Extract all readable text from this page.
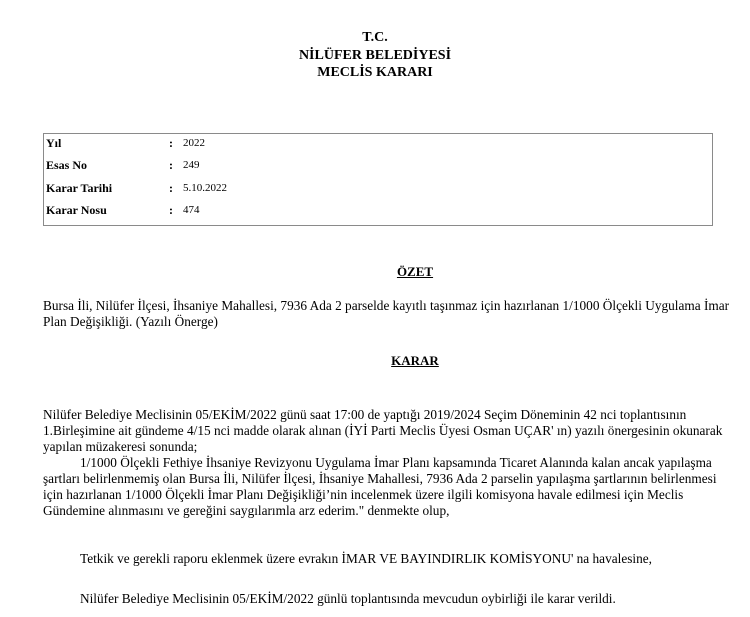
T.C.
NİLÜFER BELEDİYESİ
MECLİS KARARI
Yıl	: 2022
Esas No	: 249
Karar Tarihi	: 5.10.2022
Karar Nosu	: 474
ÖZET

Bursa İli, Nilüfer İlçesi, İhsaniye Mahallesi, 7936 Ada 2 parselde kayıtlı taşınmaz için hazırlanan 1/1000 Ölçekli Uygulama İmar Plan Değişikliği. (Yazılı Önerge)

KARAR

Nilüfer Belediye Meclisinin 05/EKİM/2022 günü saat 17:00 de yaptığı 2019/2024 Seçim Döneminin 42 nci toplantısının 1.Birleşimine ait gündeme 4/15 nci madde olarak alınan (İYİ Parti Meclis Üyesi Osman UÇAR' ın) yazılı önergesinin okunarak yapılan müzakeresi sonunda;

1/1000 Ölçekli Fethiye İhsaniye Revizyonu Uygulama İmar Planı kapsamında Ticaret Alanında kalan ancak yapılaşma şartları belirlenmemiş olan Bursa İli, Nilüfer İlçesi, İhsaniye Mahallesi, 7936 Ada 2 parselin yapılaşma şartlarının belirlenmesi için hazırlanan 1/1000 Ölçekli İmar Planı Değişikliği’nin incelenmek üzere ilgili komisyona havale edilmesi için Meclis Gündemine alınmasını ve gereğini saygılarımla arz ederim." denmekte olup,

Tetkik ve gerekli raporu eklenmek üzere evrakın İMAR VE BAYINDIRLIK KOMİSYONU' na havalesine,

Nilüfer Belediye Meclisinin 05/EKİM/2022 günlü toplantısında mevcudun oybirliği ile karar verildi.
